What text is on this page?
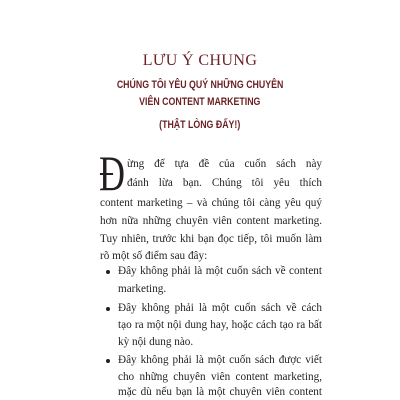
LƯU Ý CHUNG
CHÚNG TÔI YÊU QUÝ NHỮNG CHUYÊN
VIÊN CONTENT MARKETING
(THẬT LÒNG ĐẤY!)
Đ ừng để tựa đề của cuốn sách này
đánh lừa bạn. Chúng tôi yêu thích
content marketing – và chúng tôi càng yêu quý
hơn nữa những chuyên viên content marketing.
Tuy nhiên, trước khi bạn đọc tiếp, tôi muốn làm
rõ một số điểm sau đây:
Đây không phải là một cuốn sách về content
marketing.
Đây không phải là một cuốn sách về cách
tạo ra một nội dung hay, hoặc cách tạo ra bất
kỳ nội dung nào.
Đây không phải là một cuốn sách được viết
cho những chuyên viên content marketing,
mặc dù nếu bạn là một chuyên viên content
